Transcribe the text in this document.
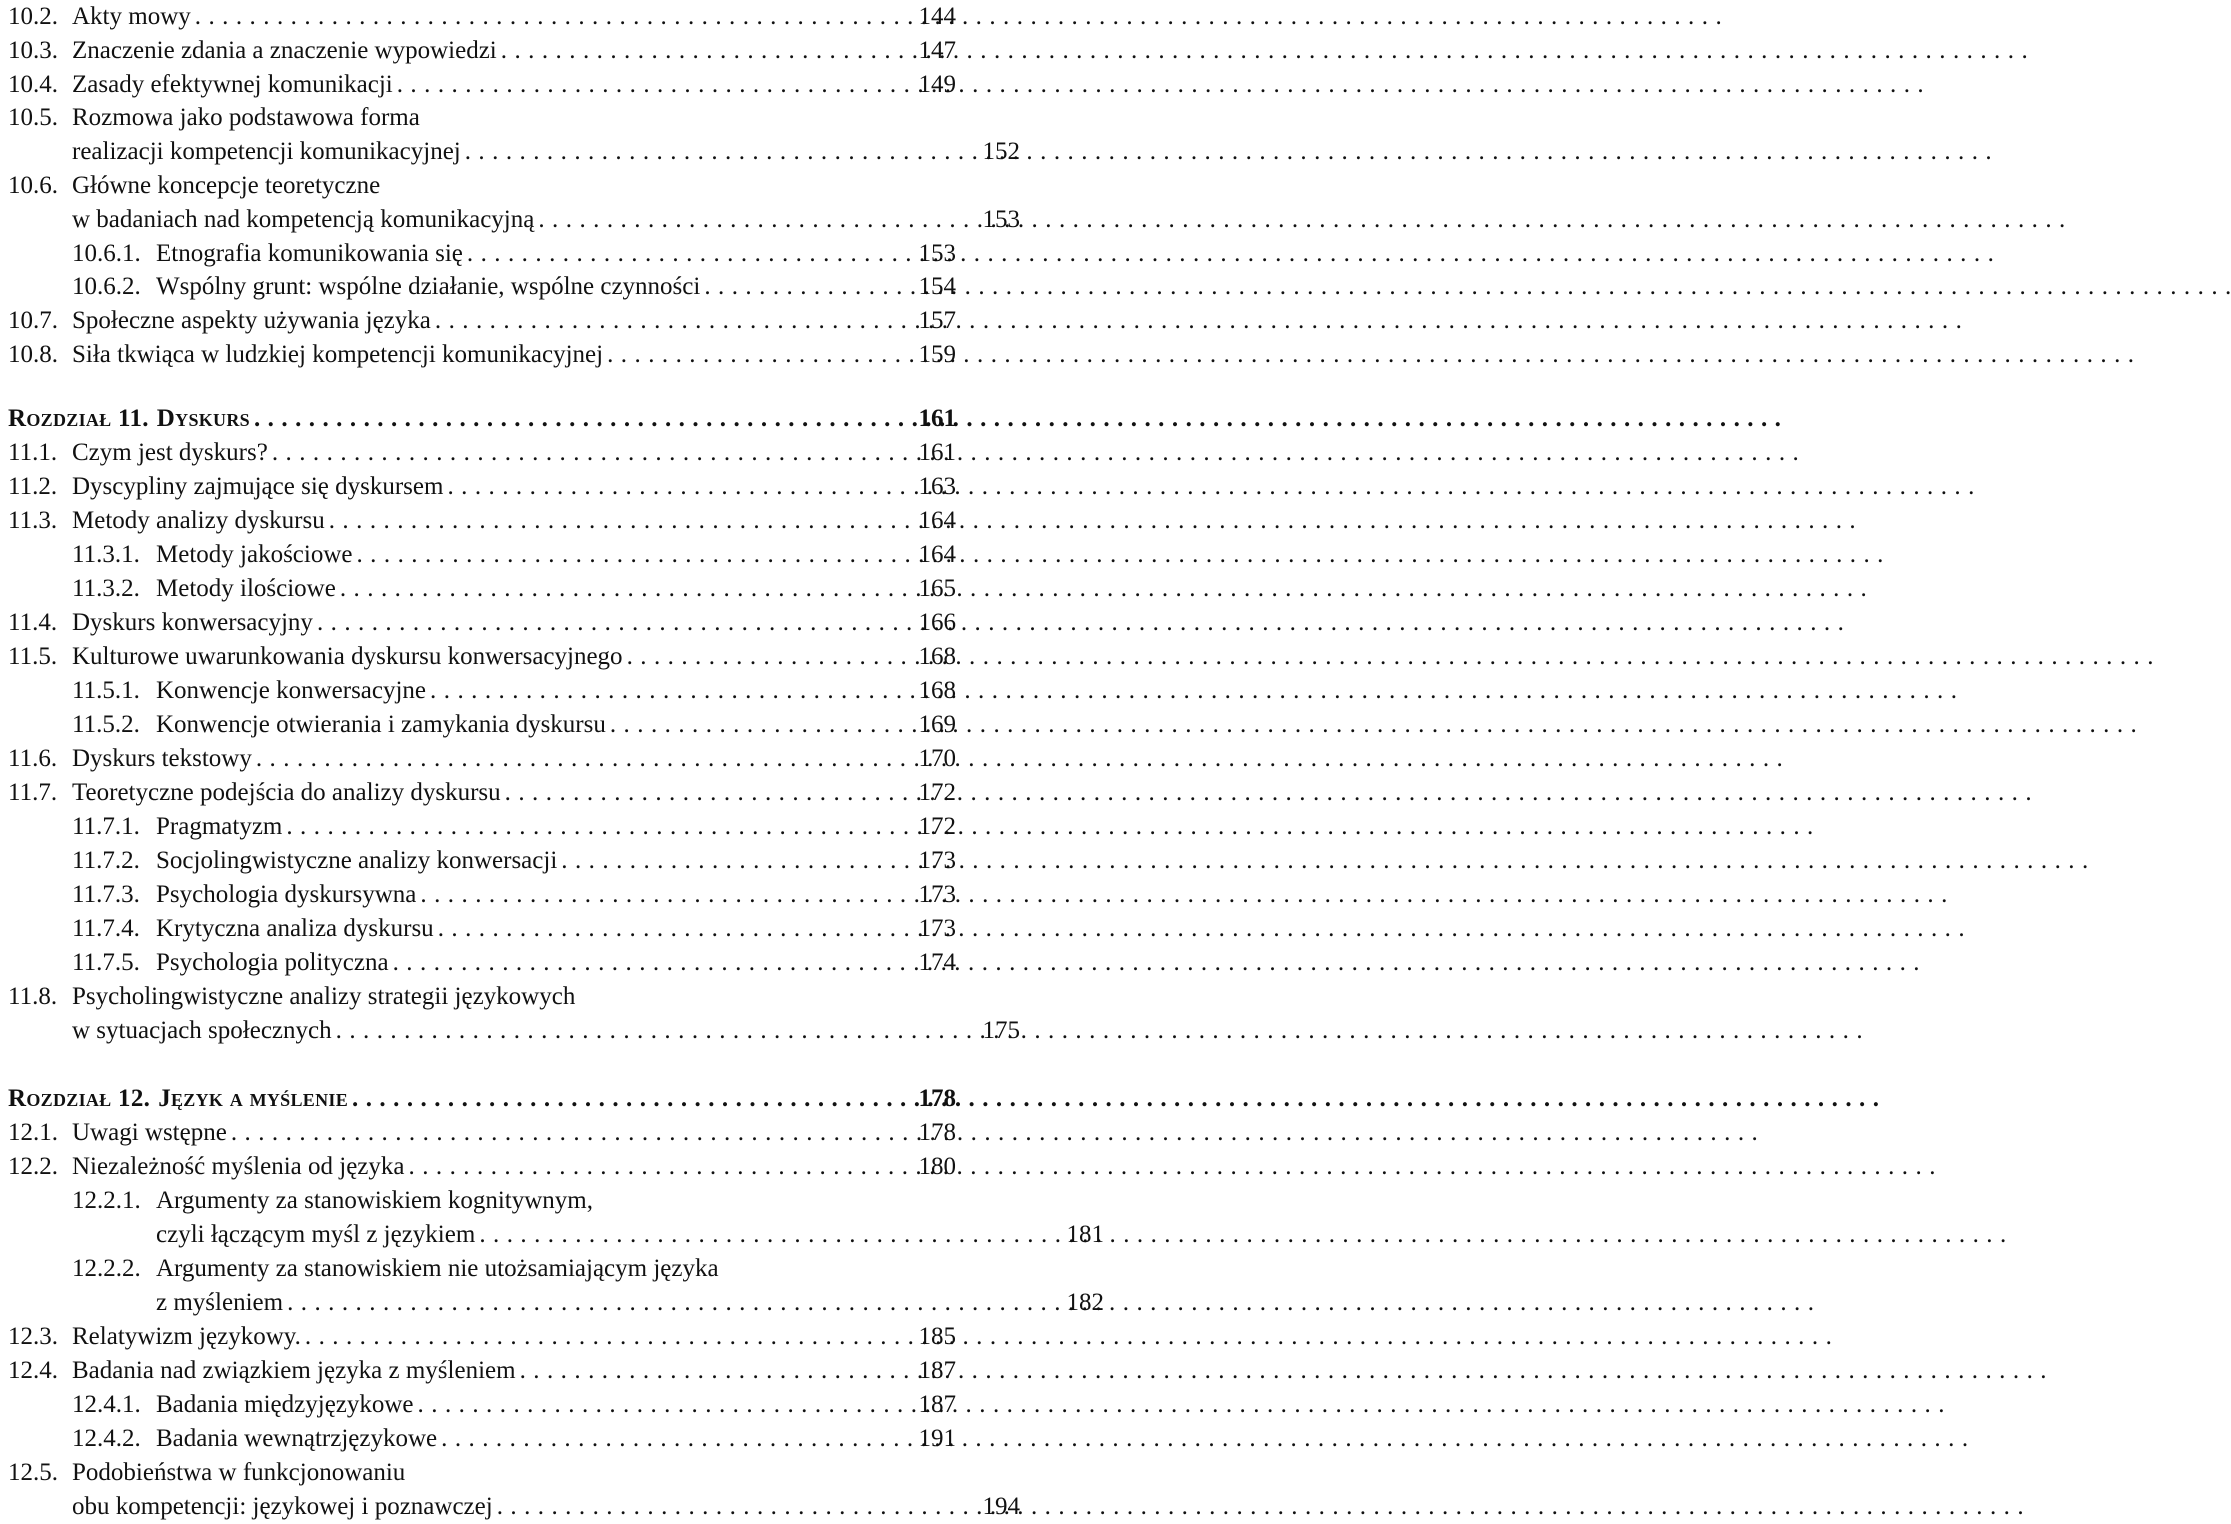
10.2. Akty mowy . . .	144
10.3. Znaczenie zdania a znaczenie wypowiedzi . . .	147
10.4. Zasady efektywnej komunikacji . . .	149
10.5. Rozmowa jako podstawowa forma
realizacji kompetencji komunikacyjnej . . .	152
10.6. Główne koncepcje teoretyczne
w badaniach nad kompetencją komunikacyjną . . .	153
10.6.1. Etnografia komunikowania się . . .	153
10.6.2. Wspólny grunt: wspólne działanie, wspólne czynności . . .	154
10.7. Społeczne aspekty używania języka . . .	157
10.8. Siła tkwiąca w ludzkiej kompetencji komunikacyjnej . . .	159
Rozdział 11. Dyskurs . . .	161
11.1. Czym jest dyskurs? . . .	161
11.2. Dyscypliny zajmujące się dyskursem . . .	163
11.3. Metody analizy dyskursu . . .	164
11.3.1. Metody jakościowe . . .	164
11.3.2. Metody ilościowe . . .	165
11.4. Dyskurs konwersacyjny . . .	166
11.5. Kulturowe uwarunkowania dyskursu konwersacyjnego . . .	168
11.5.1. Konwencje konwersacyjne . . .	168
11.5.2. Konwencje otwierania i zamykania dyskursu . . .	169
11.6. Dyskurs tekstowy . . .	170
11.7. Teoretyczne podejścia do analizy dyskursu . . .	172
11.7.1. Pragmatyzm . . .	172
11.7.2. Socjolingwistyczne analizy konwersacji . . .	173
11.7.3. Psychologia dyskursywna . . .	173
11.7.4. Krytyczna analiza dyskursu . . .	173
11.7.5. Psychologia polityczna . . .	174
11.8. Psycholingwistyczne analizy strategii językowych
w sytuacjach społecznych . . .	175
Rozdział 12. Język a myślenie . . .	178
12.1. Uwagi wstępne . . .	178
12.2. Niezależność myślenia od języka . . .	180
12.2.1. Argumenty za stanowiskiem kognitywnym,
czyli łączącym myśl z językiem . . .	181
12.2.2. Argumenty za stanowiskiem nie utożsamiającym języka
z myśleniem . . .	182
12.3. Relatywizm językowy. . . .	185
12.4. Badania nad związkiem języka z myśleniem . . .	187
12.4.1. Badania międzyjęzykowe . . .	187
12.4.2. Badania wewnątrzjęzykowe . . .	191
12.5. Podobieństwa w funkcjonowaniu
obu kompetencji: językowej i poznawczej . . .	194
